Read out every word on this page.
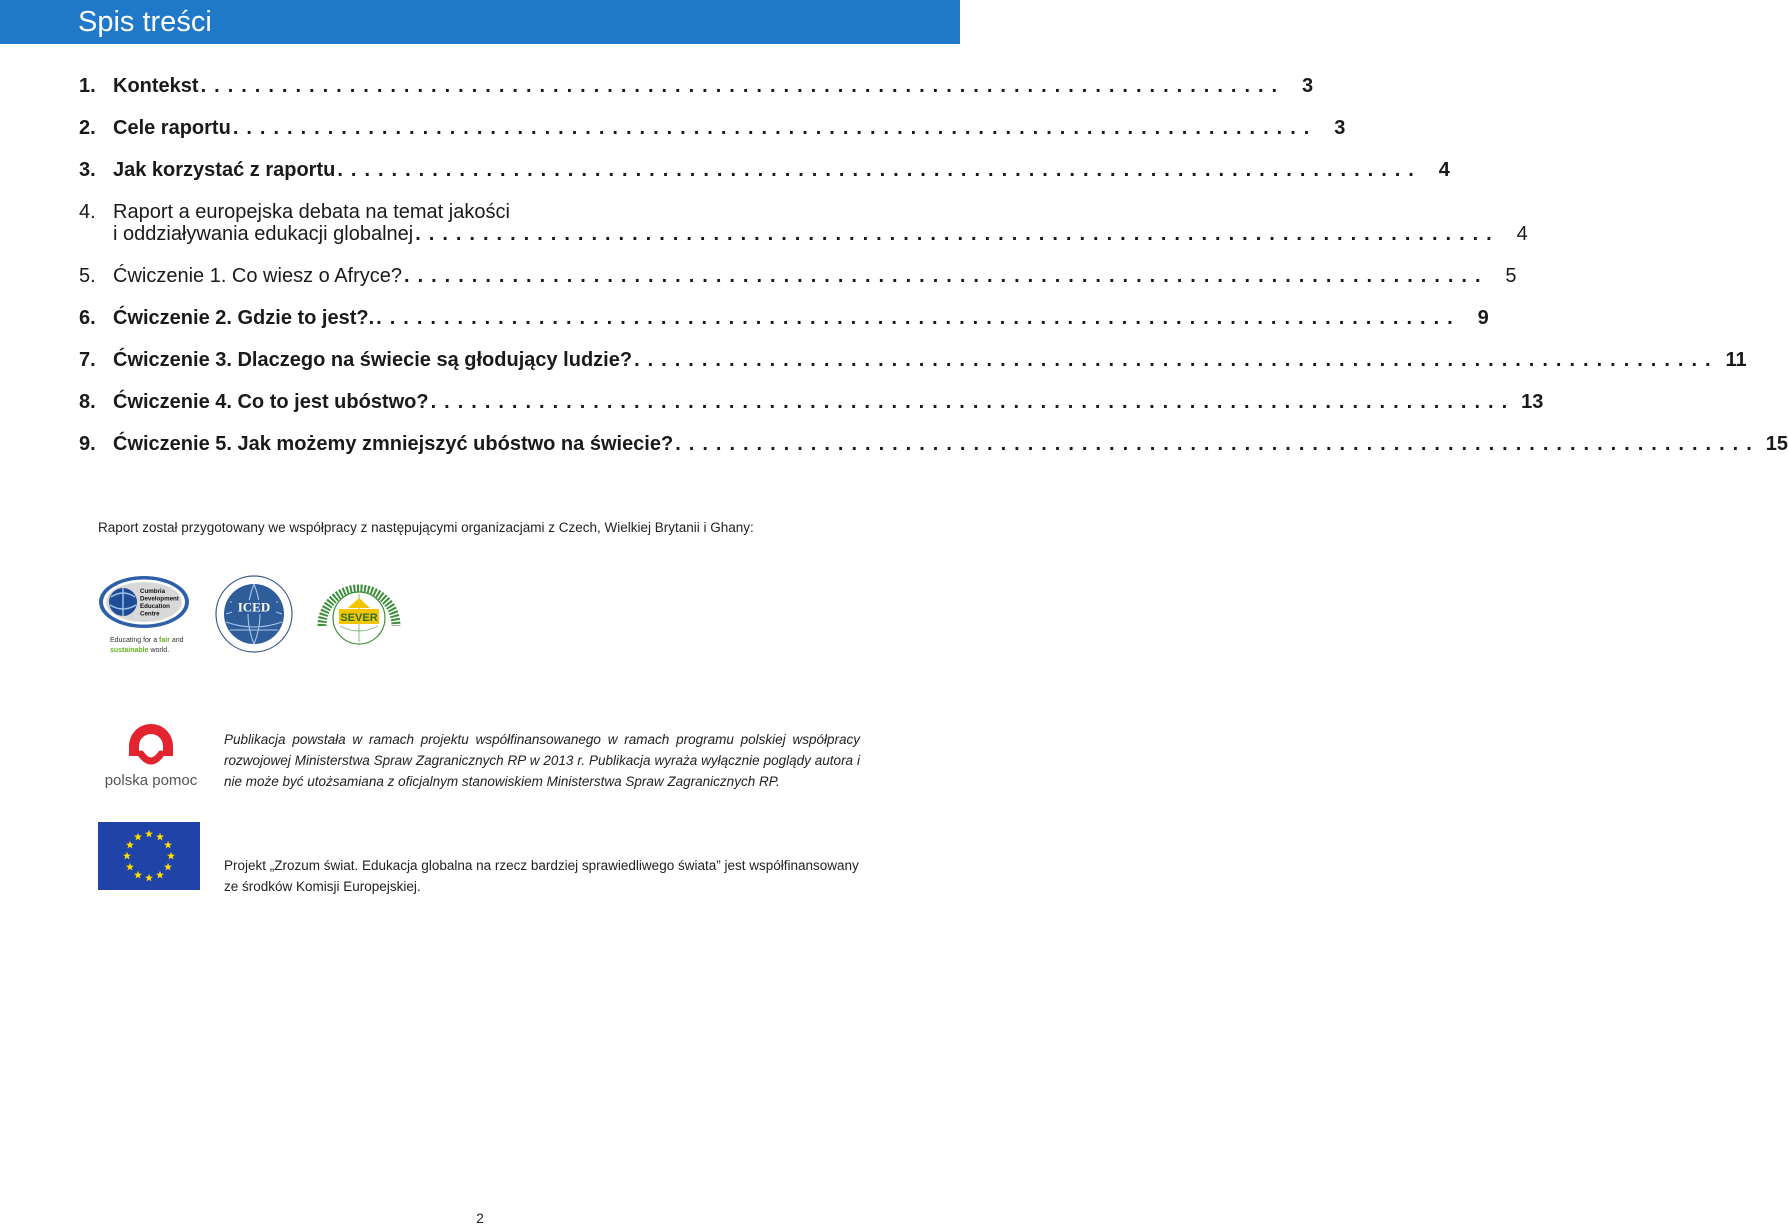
Spis treści
1. Kontekst ................................................................................ 3
2. Cele raportu ................................................................................ 3
3. Jak korzystać z raportu ................................................................................ 4
4. Raport a europejska debata na temat jakości
i oddziaływania edukacji globalnej ................................................................................ 4
5. Ćwiczenie 1. Co wiesz o Afryce? ................................................................................ 5
6. Ćwiczenie 2. Gdzie to jest?. ................................................................................ 9
7. Ćwiczenie 3. Dlaczego na świecie są głodujący ludzie? ................................................................................ 11
8. Ćwiczenie 4. Co to jest ubóstwo? ................................................................................ 13
9. Ćwiczenie 5. Jak możemy zmniejszyć ubóstwo na świecie? ................................................................................ 15
Raport został przygotowany we współpracy z następującymi organizacjami z Czech, Wielkiej Brytanii i Ghany:
Cumbria
Development
Education
Centre
Educating for a fair and
sustainable world.
ICED
SEVER
polska pomoc
Publikacja powstała w ramach projektu współfinansowanego w ramach programu polskiej współpracy rozwojowej Ministerstwa Spraw Zagranicznych RP w 2013 r. Publikacja wyraża wyłącznie poglądy autora i nie może być utożsamiana z oficjalnym stanowiskiem Ministerstwa Spraw Zagranicznych RP.
Projekt „Zrozum świat. Edukacja globalna na rzecz bardziej sprawiedliwego świata” jest współfinansowany ze środków Komisji Europejskiej.
2
